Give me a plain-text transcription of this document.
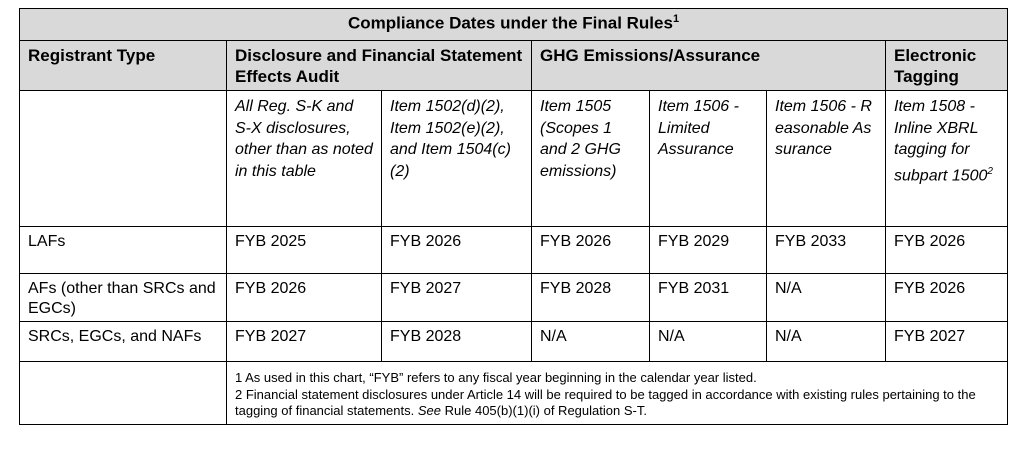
Compliance Dates under the Final Rules$^1$
Registrant Type	Disclosure and Financial Statement Effects Audit		GHG Emissions/Assurance			Electronic Tagging
	All Reg. S-K and S-X disclosures, other than as noted in this table	Item 1502(d)(2), Item 1502(e)(2), and Item 1504(c)(2)	Item 1505 (Scopes 1 and 2 GHG emissions)	Item 1506 - Limited Assurance	Item 1506 - Reasonable Assurance	Item 1508 - Inline XBRL tagging for subpart 1500$^2$
LAFs	FYB 2025	FYB 2026	FYB 2026	FYB 2029	FYB 2033	FYB 2026
AFs (other than SRCs and EGCs)	FYB 2026	FYB 2027	FYB 2028	FYB 2031	N/A	FYB 2026
SRCs, EGCs, and NAFs	FYB 2027	FYB 2028	N/A	N/A	N/A	FYB 2027

	1 As used in this chart, “FYB” refers to any fiscal year beginning in the calendar year listed.
2 Financial statement disclosures under Article 14 will be required to be tagged in accordance with existing rules pertaining to the tagging of financial statements. See Rule 405(b)(1)(i) of Regulation S-T.					
